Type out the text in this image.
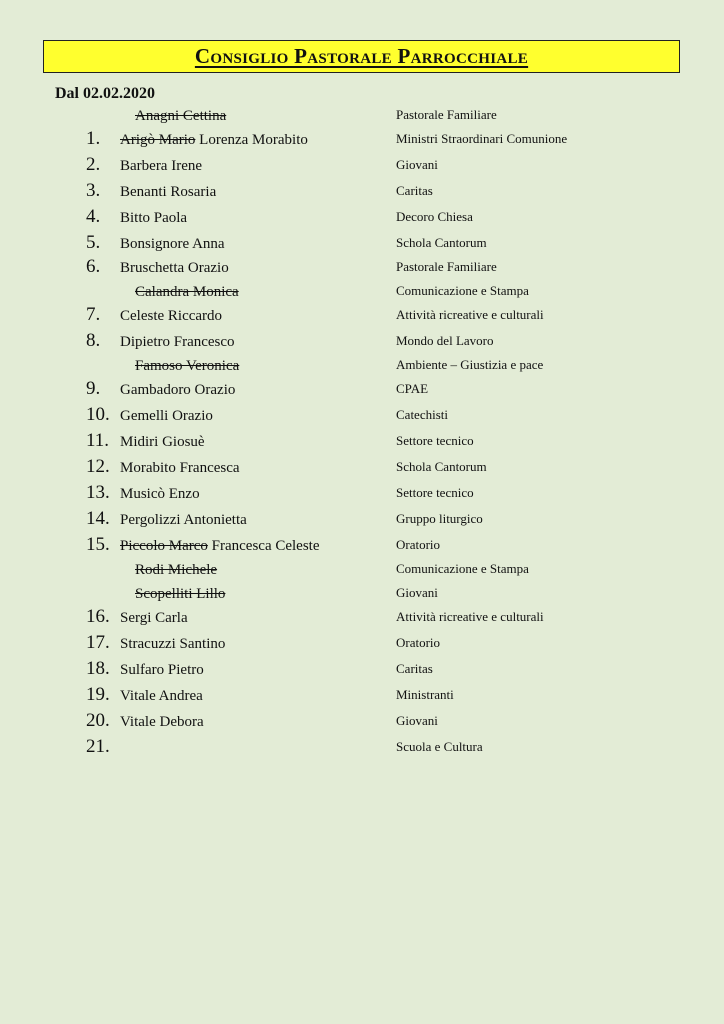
Consiglio Pastorale Parrocchiale
Dal 02.02.2020
Anagni Cettina	Pastorale Familiare
1.	Arigò Mario Lorenza Morabito	Ministri Straordinari Comunione
2.	Barbera Irene	Giovani
3.	Benanti Rosaria	Caritas
4.	Bitto Paola	Decoro Chiesa
5.	Bonsignore Anna	Schola Cantorum
6.	Bruschetta Orazio	Pastorale Familiare
Calandra Monica	Comunicazione e Stampa
7.	Celeste Riccardo	Attività ricreative e culturali
8.	Dipietro Francesco	Mondo del Lavoro
Famoso Veronica	Ambiente – Giustizia e pace
9.	Gambadoro Orazio	CPAE
10. Gemelli Orazio	Catechisti
11. Midiri Giosuè	Settore tecnico
12. Morabito Francesca	Schola Cantorum
13. Musicò Enzo	Settore tecnico
14. Pergolizzi Antonietta	Gruppo liturgico
15. Piccolo Marco Francesca Celeste	Oratorio
Rodi Michele	Comunicazione e Stampa
Scopelliti Lillo	Giovani
16. Sergi Carla	Attività ricreative e culturali
17. Stracuzzi Santino	Oratorio
18. Sulfaro Pietro	Caritas
19. Vitale Andrea	Ministranti
20. Vitale Debora	Giovani
21.	Scuola e Cultura
